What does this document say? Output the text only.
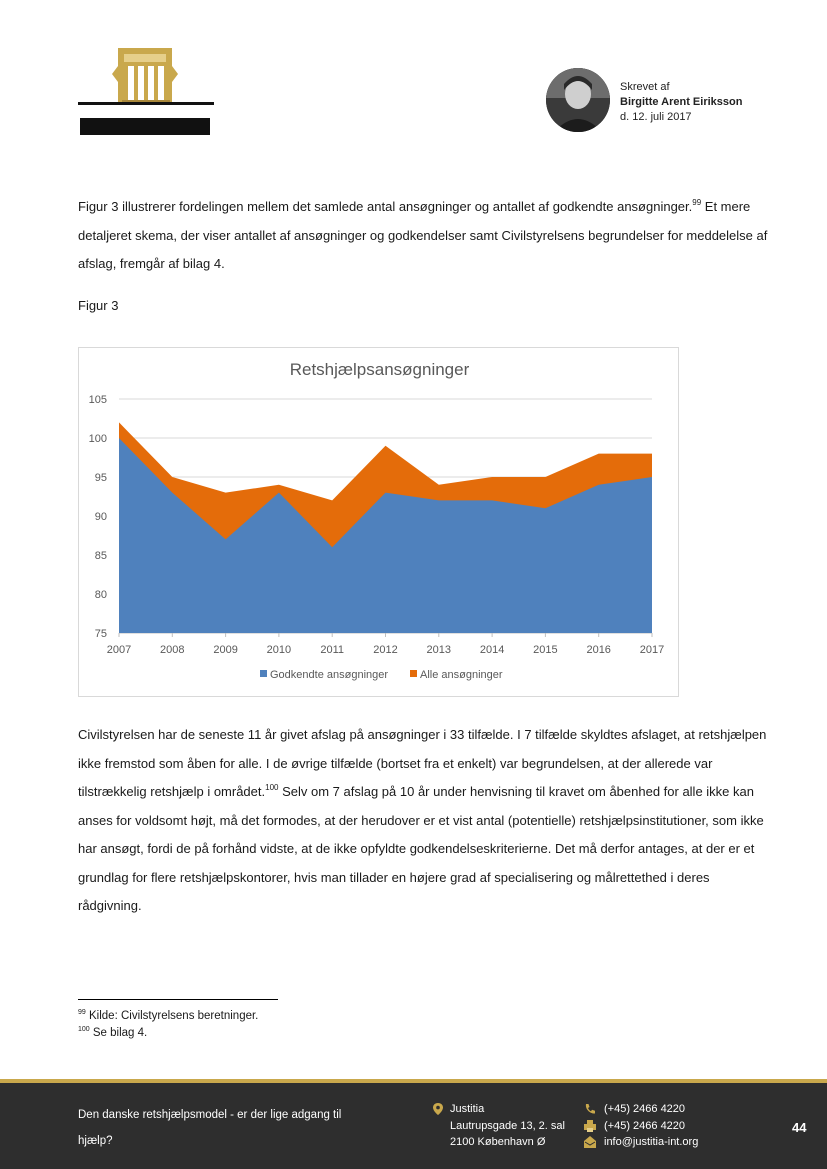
Skrevet af
Birgitte Arent Eiriksson
d. 12. juli 2017
Figur 3 illustrerer fordelingen mellem det samlede antal ansøgninger og antallet af godkendte ansøgninger.$^{99}$ Et mere detaljeret skema, der viser antallet af ansøgninger og godkendelser samt Civilstyrelsens begrundelser for meddelelse af afslag, fremgår af bilag 4.
Figur 3
Retshjælpsansøgninger
75
80
85
90
95
100
105
2007	2008	2009	2010	2011	2012	2013	2014	2015	2016	2017
Godkendte ansøgninger	Alle ansøgninger
Civilstyrelsen har de seneste 11 år givet afslag på ansøgninger i 33 tilfælde. I 7 tilfælde skyldtes afslaget, at retshjælpen ikke fremstod som åben for alle. I de øvrige tilfælde (bortset fra et enkelt) var begrundelsen, at der allerede var tilstrækkelig retshjælp i området.$^{100}$ Selv om 7 afslag på 10 år under henvisning til kravet om åbenhed for alle ikke kan anses for voldsomt højt, må det formodes, at der herudover er et vist antal (potentielle) retshjælpsinstitutioner, som ikke har ansøgt, fordi de på forhånd vidste, at de ikke opfyldte godkendelseskriterierne. Det må derfor antages, at der er et grundlag for flere retshjælpskontorer, hvis man tillader en højere grad af specialisering og målrettethed i deres rådgivning.
$^{99}$ Kilde: Civilstyrelsens beretninger.
$^{100}$ Se bilag 4.
Den danske retshjælpsmodel - er der lige adgang til hjælp?
Justitia
Lautrupsgade 13, 2. sal
2100 København Ø
(+45) 2466 4220
(+45) 2466 4220
info@justitia-int.org
44
